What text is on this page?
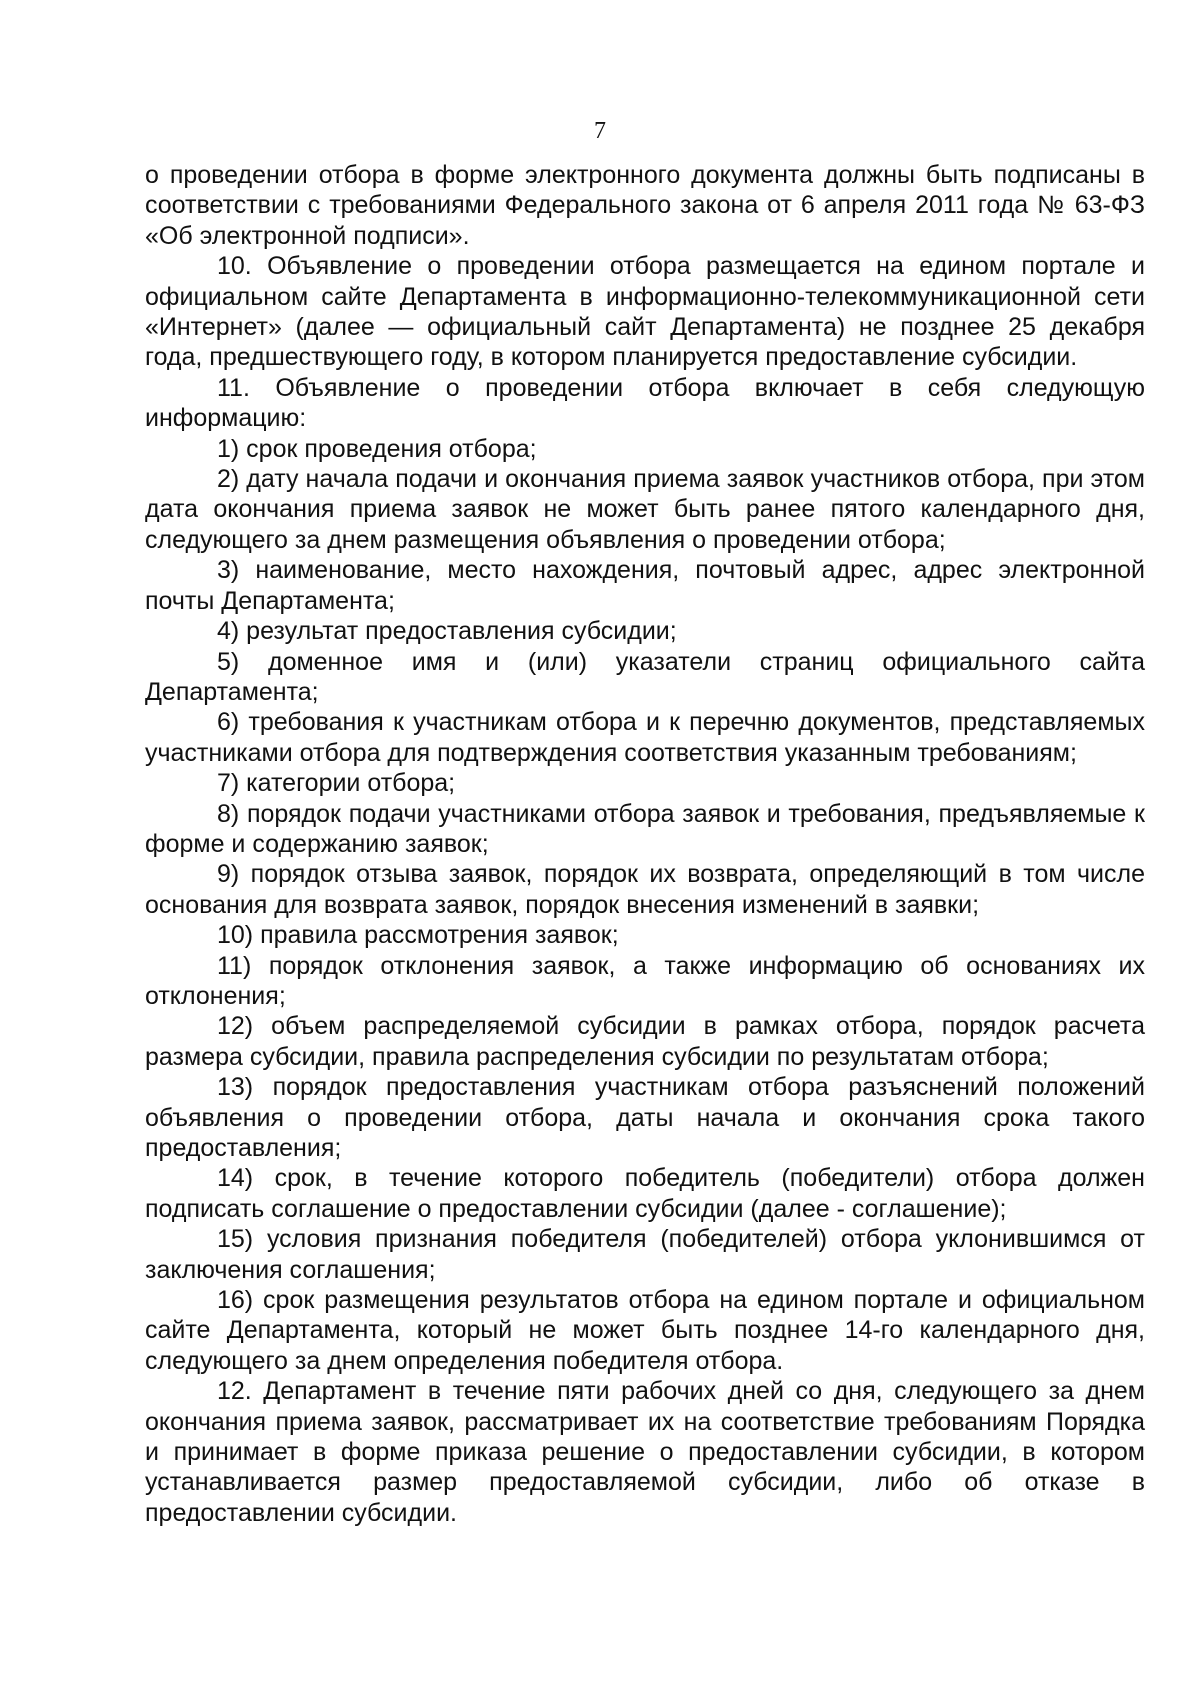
7

о проведении отбора в форме электронного документа должны быть подписаны в соответствии с требованиями Федерального закона от 6 апреля 2011 года № 63-ФЗ «Об электронной подписи».

10. Объявление о проведении отбора размещается на едином портале и официальном сайте Департамента в информационно-телекоммуникационной сети «Интернет» (далее — официальный сайт Департамента) не позднее 25 декабря года, предшествующего году, в котором планируется предоставление субсидии.

11. Объявление о проведении отбора включает в себя следующую информацию:

1) срок проведения отбора;

2) дату начала подачи и окончания приема заявок участников отбора, при этом дата окончания приема заявок не может быть ранее пятого календарного дня, следующего за днем размещения объявления о проведении отбора;

3) наименование, место нахождения, почтовый адрес, адрес электронной почты Департамента;

4) результат предоставления субсидии;

5) доменное имя и (или) указатели страниц официального сайта Департамента;

6) требования к участникам отбора и к перечню документов, представляемых участниками отбора для подтверждения соответствия указанным требованиям;

7) категории отбора;

8) порядок подачи участниками отбора заявок и требования, предъявляемые к форме и содержанию заявок;

9) порядок отзыва заявок, порядок их возврата, определяющий в том числе основания для возврата заявок, порядок внесения изменений в заявки;

10) правила рассмотрения заявок;

11) порядок отклонения заявок, а также информацию об основаниях их отклонения;

12) объем распределяемой субсидии в рамках отбора, порядок расчета размера субсидии, правила распределения субсидии по результатам отбора;

13) порядок предоставления участникам отбора разъяснений положений объявления о проведении отбора, даты начала и окончания срока такого предоставления;

14) срок, в течение которого победитель (победители) отбора должен подписать соглашение о предоставлении субсидии (далее - соглашение);

15) условия признания победителя (победителей) отбора уклонившимся от заключения соглашения;

16) срок размещения результатов отбора на едином портале и официальном сайте Департамента, который не может быть позднее 14-го календарного дня, следующего за днем определения победителя отбора.

12. Департамент в течение пяти рабочих дней со дня, следующего за днем окончания приема заявок, рассматривает их на соответствие требованиям Порядка и принимает в форме приказа решение о предоставлении субсидии, в котором устанавливается размер предоставляемой субсидии, либо об отказе в предоставлении субсидии.
